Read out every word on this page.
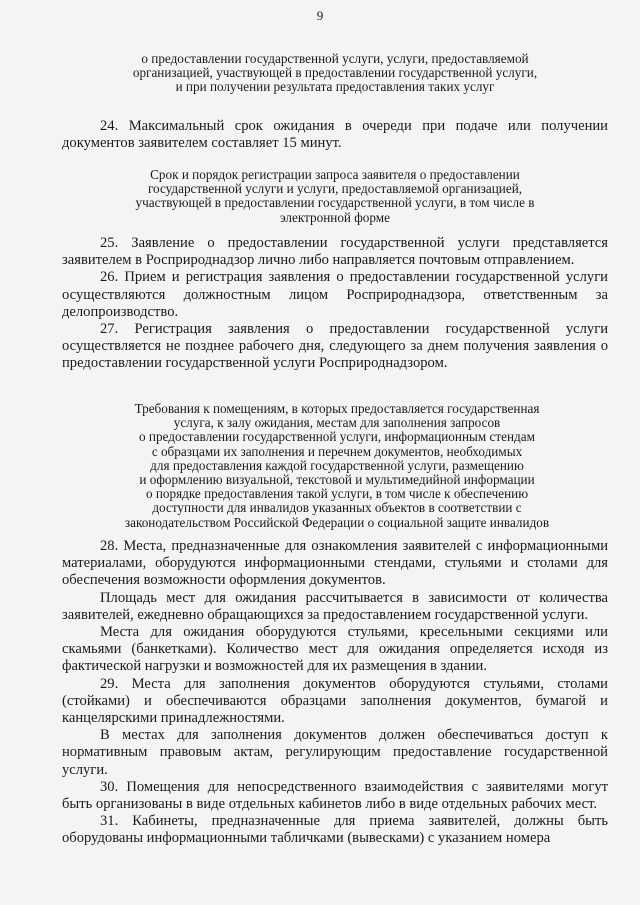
9

о предоставлении государственной услуги, услуги, предоставляемой

организацией, участвующей в предоставлении государственной услуги,

и при получении результата предоставления таких услуг

24. Максимальный срок ожидания в очереди при подаче или получении документов заявителем составляет 15 минут.

Срок и порядок регистрации запроса заявителя о предоставлении

государственной услуги и услуги, предоставляемой организацией,

участвующей в предоставлении государственной услуги, в том числе в

электронной форме

25. Заявление о предоставлении государственной услуги представляется заявителем в Росприроднадзор лично либо направляется почтовым отправлением.

26. Прием и регистрация заявления о предоставлении государственной услуги осуществляются должностным лицом Росприроднадзора, ответственным за делопроизводство.

27. Регистрация заявления о предоставлении государственной услуги осуществляется не позднее рабочего дня, следующего за днем получения заявления о предоставлении государственной услуги Росприроднадзором.

Требования к помещениям, в которых предоставляется государственная

услуга, к залу ожидания, местам для заполнения запросов

о предоставлении государственной услуги, информационным стендам

с образцами их заполнения и перечнем документов, необходимых

для предоставления каждой государственной услуги, размещению

и оформлению визуальной, текстовой и мультимедийной информации

о порядке предоставления такой услуги, в том числе к обеспечению

доступности для инвалидов указанных объектов в соответствии с

законодательством Российской Федерации о социальной защите инвалидов

28. Места, предназначенные для ознакомления заявителей с информационными материалами, оборудуются информационными стендами, стульями и столами для обеспечения возможности оформления документов.

Площадь мест для ожидания рассчитывается в зависимости от количества заявителей, ежедневно обращающихся за предоставлением государственной услуги.

Места для ожидания оборудуются стульями, кресельными секциями или скамьями (банкетками). Количество мест для ожидания определяется исходя из фактической нагрузки и возможностей для их размещения в здании.

29. Места для заполнения документов оборудуются стульями, столами (стойками) и обеспечиваются образцами заполнения документов, бумагой и канцелярскими принадлежностями.

В местах для заполнения документов должен обеспечиваться доступ к нормативным правовым актам, регулирующим предоставление государственной услуги.

30. Помещения для непосредственного взаимодействия с заявителями могут быть организованы в виде отдельных кабинетов либо в виде отдельных рабочих мест.

31. Кабинеты, предназначенные для приема заявителей, должны быть оборудованы информационными табличками (вывесками) с указанием номера
